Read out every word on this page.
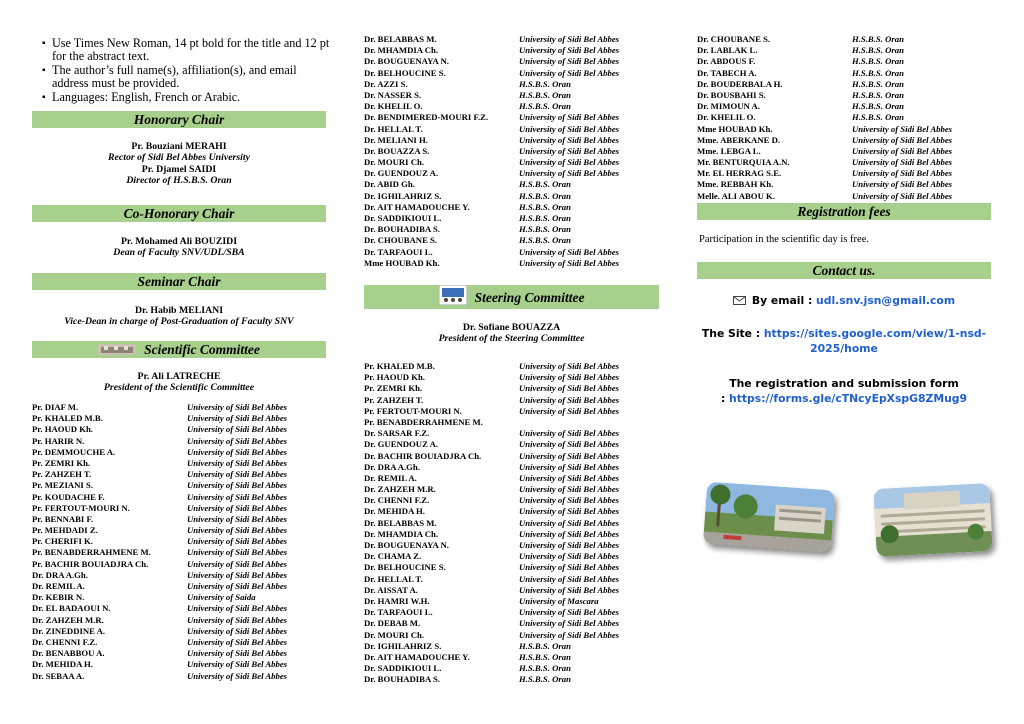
▪ Use Times New Roman, 14 pt bold for the title and 12 pt for the abstract text.
▪ The author’s full name(s), affiliation(s), and email address must be provided.
▪ Languages: English, French or Arabic.
Honorary Chair
Pr. Bouziani MERAHI
Rector of Sidi Bel Abbes University
Pr. Djamel SAIDI
Director of H.S.B.S. Oran
Co-Honorary Chair
Pr. Mohamed Ali BOUZIDI
Dean of Faculty SNV/UDL/SBA
Seminar Chair
Dr. Habib MELIANI
Vice-Dean in charge of Post-Graduation of Faculty SNV
Scientific Committee
Pr. Ali LATRECHE
President of the Scientific Committee
Pr. DIAF M.	University of Sidi Bel Abbes
Pr. KHALED M.B.	University of Sidi Bel Abbes
Pr. HAOUD Kh.	University of Sidi Bel Abbes
Pr. HARIR N.	University of Sidi Bel Abbes
Pr. DEMMOUCHE A.	University of Sidi Bel Abbes
Pr. ZEMRI Kh.	University of Sidi Bel Abbes
Pr. ZAHZEH T.	University of Sidi Bel Abbes
Pr. MEZIANI S.	University of Sidi Bel Abbes
Pr. KOUDACHE F.	University of Sidi Bel Abbes
Pr. FERTOUT-MOURI N.	University of Sidi Bel Abbes
Pr. BENNABI F.	University of Sidi Bel Abbes
Pr. MEHDADI Z.	University of Sidi Bel Abbes
Pr. CHERIFI K.	University of Sidi Bel Abbes
Pr. BENABDERRAHMENE M.	University of Sidi Bel Abbes
Pr. BACHIR BOUIADJRA Ch.	University of Sidi Bel Abbes
Dr. DRA A.Gh.	University of Sidi Bel Abbes
Dr. REMIL A.	University of Sidi Bel Abbes
Dr. KEBIR N.	University of Saida
Dr. EL BADAOUI N.	University of Sidi Bel Abbes
Dr. ZAHZEH M.R.	University of Sidi Bel Abbes
Dr. ZINEDDINE A.	University of Sidi Bel Abbes
Dr. CHENNI F.Z.	University of Sidi Bel Abbes
Dr. BENABBOU A.	University of Sidi Bel Abbes
Dr. MEHIDA H.	University of Sidi Bel Abbes
Dr. SEBAA A.	University of Sidi Bel Abbes
Dr. BELABBAS M.	University of Sidi Bel Abbes
Dr. MHAMDIA Ch.	University of Sidi Bel Abbes
Dr. BOUGUENAYA N.	University of Sidi Bel Abbes
Dr. BELHOUCINE S.	University of Sidi Bel Abbes
Dr. AZZI S.	H.S.B.S. Oran
Dr. NASSER S.	H.S.B.S. Oran
Dr. KHELIL O.	H.S.B.S. Oran
Dr. BENDIMERED-MOURI F.Z.	University of Sidi Bel Abbes
Dr. HELLAL T.	University of Sidi Bel Abbes
Dr. MELIANI H.	University of Sidi Bel Abbes
Dr. BOUAZZA S.	University of Sidi Bel Abbes
Dr. MOURI Ch.	University of Sidi Bel Abbes
Dr. GUENDOUZ A.	University of Sidi Bel Abbes
Dr. ABID Gh.	H.S.B.S. Oran
Dr. IGHILAHRIZ S.	H.S.B.S. Oran
Dr. AIT HAMADOUCHE Y.	H.S.B.S. Oran
Dr. SADDIKIOUI L.	H.S.B.S. Oran
Dr. BOUHADIBA S.	H.S.B.S. Oran
Dr. CHOUBANE S.	H.S.B.S. Oran
Dr. TARFAOUI L.	University of Sidi Bel Abbes
Mme HOUBAD Kh.	University of Sidi Bel Abbes
Steering Committee
Dr. Sofiane BOUAZZA
President of the Steering Committee
Pr. KHALED M.B.	University of Sidi Bel Abbes
Pr. HAOUD Kh.	University of Sidi Bel Abbes
Pr. ZEMRI Kh.	University of Sidi Bel Abbes
Pr. ZAHZEH T.	University of Sidi Bel Abbes
Pr. FERTOUT-MOURI N.	University of Sidi Bel Abbes
Pr. BENABDERRAHMENE M.
Dr. SARSAR F.Z.	University of Sidi Bel Abbes
Dr. GUENDOUZ A.	University of Sidi Bel Abbes
Dr. BACHIR BOUIADJRA Ch.	University of Sidi Bel Abbes
Dr. DRA A.Gh.	University of Sidi Bel Abbes
Dr. REMIL A.	University of Sidi Bel Abbes
Dr. ZAHZEH M.R.	University of Sidi Bel Abbes
Dr. CHENNI F.Z.	University of Sidi Bel Abbes
Dr. MEHIDA H.	University of Sidi Bel Abbes
Dr. BELABBAS M.	University of Sidi Bel Abbes
Dr. MHAMDIA Ch.	University of Sidi Bel Abbes
Dr. BOUGUENAYA N.	University of Sidi Bel Abbes
Dr. CHAMA Z.	University of Sidi Bel Abbes
Dr. BELHOUCINE S.	University of Sidi Bel Abbes
Dr. HELLAL T.	University of Sidi Bel Abbes
Dr. AISSAT A.	University of Sidi Bel Abbes
Dr. HAMRI W.H.	University of Mascara
Dr. TARFAOUI L.	University of Sidi Bel Abbes
Dr. DEBAB M.	University of Sidi Bel Abbes
Dr. MOURI Ch.	University of Sidi Bel Abbes
Dr. IGHILAHRIZ S.	H.S.B.S. Oran
Dr. AIT HAMADOUCHE Y.	H.S.B.S. Oran
Dr. SADDIKIOUI L.	H.S.B.S. Oran
Dr. BOUHADIBA S.	H.S.B.S. Oran
Dr. CHOUBANE S.	H.S.B.S. Oran
Dr. LABLAK L.	H.S.B.S. Oran
Dr. ABDOUS F.	H.S.B.S. Oran
Dr. TABECH A.	H.S.B.S. Oran
Dr. BOUDERBALA H.	H.S.B.S. Oran
Dr. BOUSBAHI S.	H.S.B.S. Oran
Dr. MIMOUN A.	H.S.B.S. Oran
Dr. KHELIL O.	H.S.B.S. Oran
Mme HOUBAD Kh.	University of Sidi Bel Abbes
Mme. ABERKANE D.	University of Sidi Bel Abbes
Mme. LEBGA L.	University of Sidi Bel Abbes
Mr. BENTURQUIA A.N.	University of Sidi Bel Abbes
Mr. EL HERRAG S.E.	University of Sidi Bel Abbes
Mme. REBBAH Kh.	University of Sidi Bel Abbes
Melle. ALI ABOU K.	University of Sidi Bel Abbes
Registration fees
Participation in the scientific day is free.
Contact us.
By email : udl.snv.jsn@gmail.com
The Site : https://sites.google.com/view/1-nsd-2025/home
The registration and submission form
: https://forms.gle/cTNcyEpXspG8ZMug9
